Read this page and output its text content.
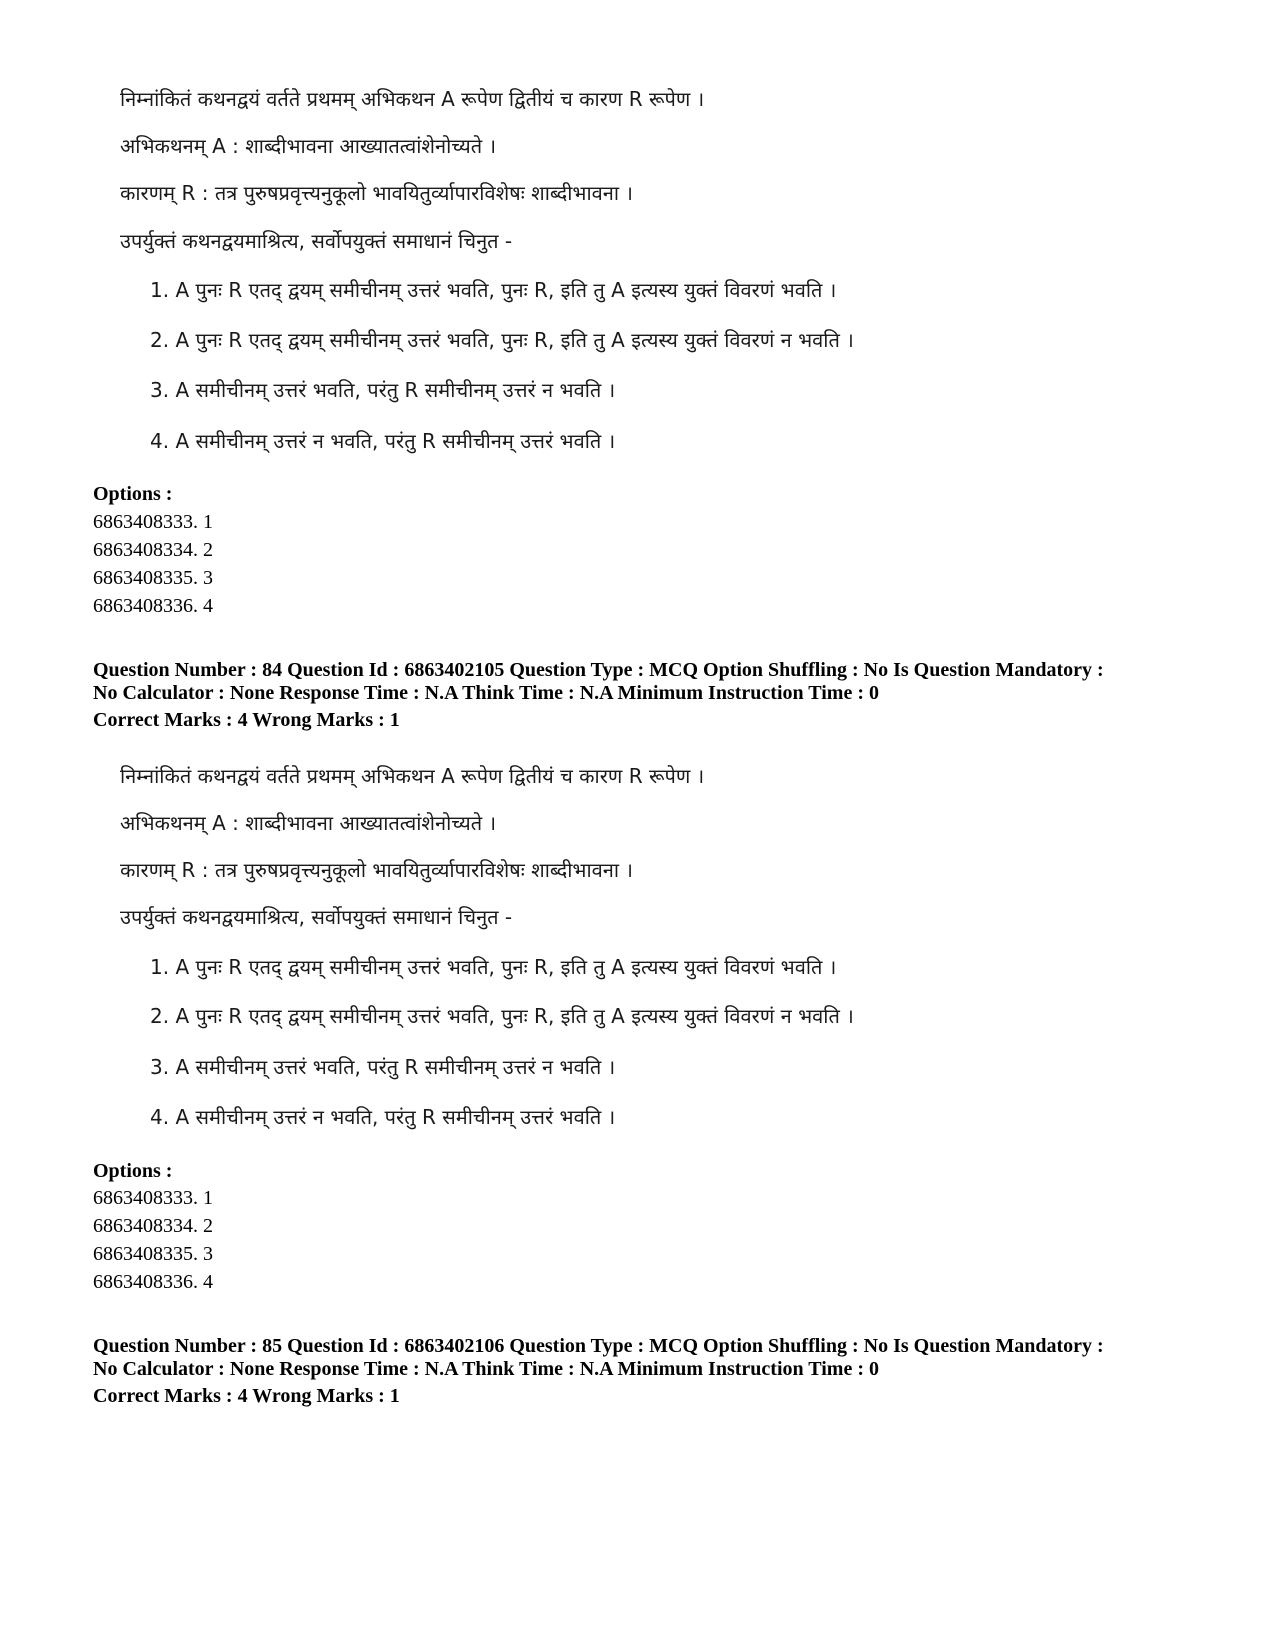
निम्नांकितं कथनद्वयं वर्तते प्रथमम् अभिकथन A रूपेण द्वितीयं च कारण R रूपेण ।
अभिकथनम् A : शाब्दीभावना आख्यातत्वांशेनोच्यते ।
कारणम् R : तत्र पुरुषप्रवृत्त्यनुकूलो भावयितुर्व्यापारविशेषः शाब्दीभावना ।
उपर्युक्तं कथनद्वयमाश्रित्य, सर्वोपयुक्तं समाधानं चिनुत -
1. A पुनः R एतद् द्वयम् समीचीनम् उत्तरं भवति, पुनः R, इति तु A इत्यस्य युक्तं विवरणं भवति ।
2. A पुनः R एतद् द्वयम् समीचीनम् उत्तरं भवति, पुनः R, इति तु A इत्यस्य युक्तं विवरणं न भवति ।
3. A समीचीनम् उत्तरं भवति, परंतु R समीचीनम् उत्तरं न भवति ।
4. A समीचीनम् उत्तरं न भवति, परंतु R समीचीनम् उत्तरं भवति ।
Options :
6863408333. 1
6863408334. 2
6863408335. 3
6863408336. 4
Question Number : 84 Question Id : 6863402105 Question Type : MCQ Option Shuffling : No Is Question Mandatory :
No Calculator : None Response Time : N.A Think Time : N.A Minimum Instruction Time : 0
Correct Marks : 4 Wrong Marks : 1
निम्नांकितं कथनद्वयं वर्तते प्रथमम् अभिकथन A रूपेण द्वितीयं च कारण R रूपेण ।
अभिकथनम् A : शाब्दीभावना आख्यातत्वांशेनोच्यते ।
कारणम् R : तत्र पुरुषप्रवृत्त्यनुकूलो भावयितुर्व्यापारविशेषः शाब्दीभावना ।
उपर्युक्तं कथनद्वयमाश्रित्य, सर्वोपयुक्तं समाधानं चिनुत -
1. A पुनः R एतद् द्वयम् समीचीनम् उत्तरं भवति, पुनः R, इति तु A इत्यस्य युक्तं विवरणं भवति ।
2. A पुनः R एतद् द्वयम् समीचीनम् उत्तरं भवति, पुनः R, इति तु A इत्यस्य युक्तं विवरणं न भवति ।
3. A समीचीनम् उत्तरं भवति, परंतु R समीचीनम् उत्तरं न भवति ।
4. A समीचीनम् उत्तरं न भवति, परंतु R समीचीनम् उत्तरं भवति ।
Options :
6863408333. 1
6863408334. 2
6863408335. 3
6863408336. 4
Question Number : 85 Question Id : 6863402106 Question Type : MCQ Option Shuffling : No Is Question Mandatory :
No Calculator : None Response Time : N.A Think Time : N.A Minimum Instruction Time : 0
Correct Marks : 4 Wrong Marks : 1
